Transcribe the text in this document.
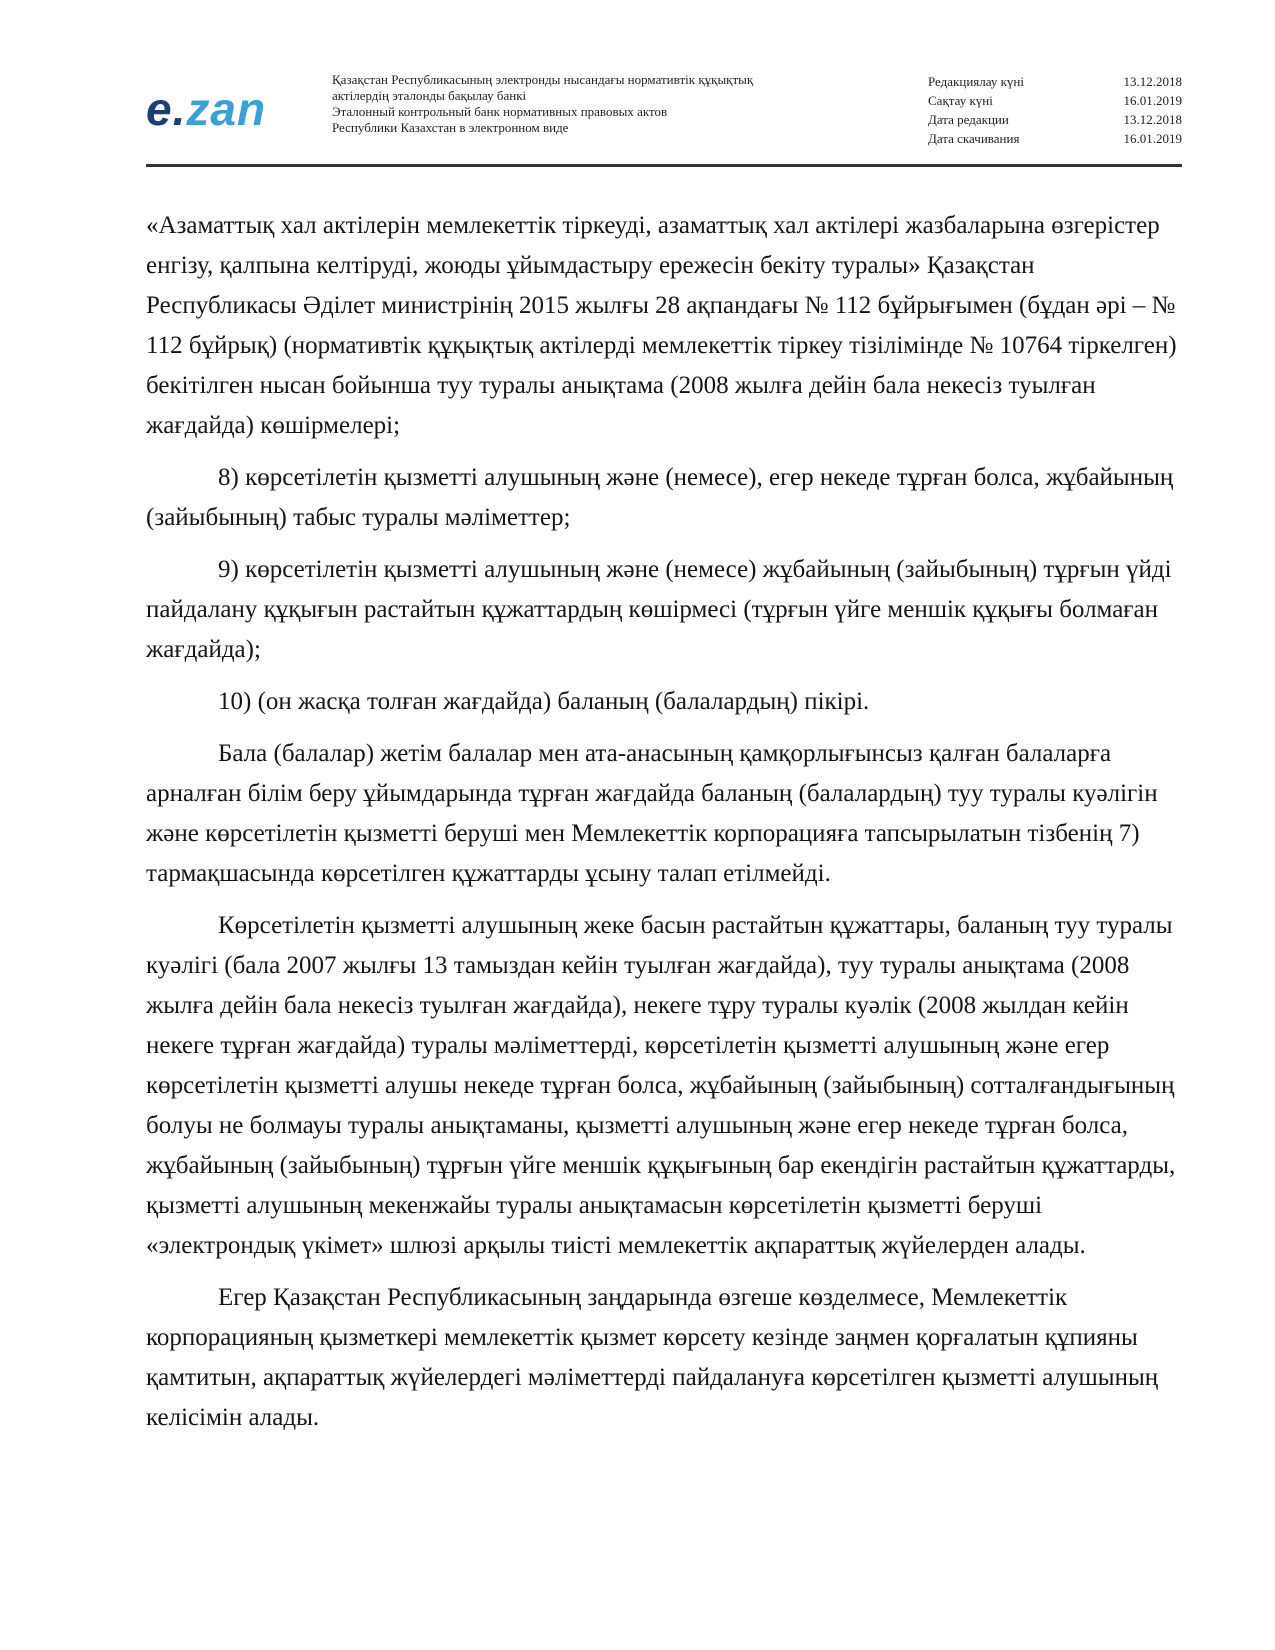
e.zan
Қазақстан Республикасының электронды нысандағы нормативтік құқықтық
актілердің эталонды бақылау банкі
Эталонный контрольный банк нормативных правовых актов
Республики Казахстан в электронном виде
Редакциялау күні	13.12.2018
Сақтау күні	16.01.2019
Дата редакции	13.12.2018
Дата скачивания	16.01.2019

«Азаматтық хал актілерін мемлекеттік тіркеуді, азаматтық хал актілері жазбаларына өзгерістер енгізу, қалпына келтіруді, жоюды ұйымдастыру ережесін бекіту туралы» Қазақстан Республикасы Әділет министрінің 2015 жылғы 28 ақпандағы № 112 бұйрығымен (бұдан әрі – № 112 бұйрық) (нормативтік құқықтық актілерді мемлекеттік тіркеу тізілімінде № 10764 тіркелген) бекітілген нысан бойынша туу туралы анықтама (2008 жылға дейін бала некесіз туылған жағдайда) көшірмелері;

8) көрсетілетін қызметті алушының және (немесе), егер некеде тұрған болса, жұбайының (зайыбының) табыс туралы мәліметтер;

9) көрсетілетін қызметті алушының және (немесе) жұбайының (зайыбының) тұрғын үйді пайдалану құқығын растайтын құжаттардың көшірмесі (тұрғын үйге меншік құқығы болмаған жағдайда);

10) (он жасқа толған жағдайда) баланың (балалардың) пікірі.

Бала (балалар) жетім балалар мен ата-анасының қамқорлығынсыз қалған балаларға арналған білім беру ұйымдарында тұрған жағдайда баланың (балалардың) туу туралы куәлігін және көрсетілетін қызметті беруші мен Мемлекеттік корпорацияға тапсырылатын тізбенің 7) тармақшасында көрсетілген құжаттарды ұсыну талап етілмейді.

Көрсетілетін қызметті алушының жеке басын растайтын құжаттары, баланың туу туралы куәлігі (бала 2007 жылғы 13 тамыздан кейін туылған жағдайда), туу туралы анықтама (2008 жылға дейін бала некесіз туылған жағдайда), некеге тұру туралы куәлік (2008 жылдан кейін некеге тұрған жағдайда) туралы мәліметтерді, көрсетілетін қызметті алушының және егер көрсетілетін қызметті алушы некеде тұрған болса, жұбайының (зайыбының) сотталғандығының болуы не болмауы туралы анықтаманы, қызметті алушының және егер некеде тұрған болса, жұбайының (зайыбының) тұрғын үйге меншік құқығының бар екендігін растайтын құжаттарды, қызметті алушының мекенжайы туралы анықтамасын көрсетілетін қызметті беруші «электрондық үкімет» шлюзі арқылы тиісті мемлекеттік ақпараттық жүйелерден алады.

Егер Қазақстан Республикасының заңдарында өзгеше көзделмесе, Мемлекеттік корпорацияның қызметкері мемлекеттік қызмет көрсету кезінде заңмен қорғалатын құпияны қамтитын, ақпараттық жүйелердегі мәліметтерді пайдалануға көрсетілген қызметті алушының келісімін алады.
